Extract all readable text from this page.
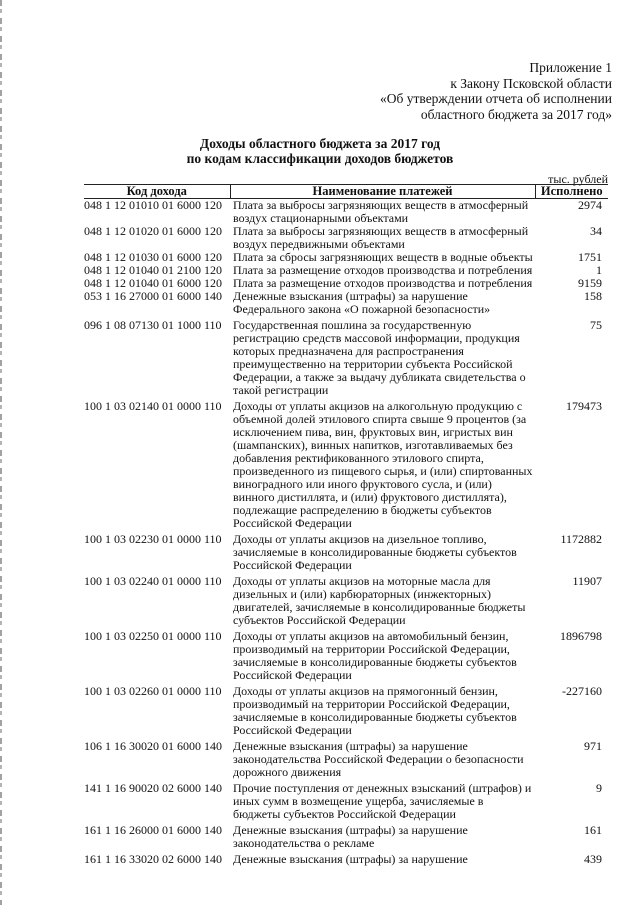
Приложение 1
к Закону Псковской области
«Об утверждении отчета об исполнении
областного бюджета за 2017 год»
Доходы областного бюджета за 2017 год
по кодам классификации доходов бюджетов
тыс. рублей
Код дохода	Наименование платежей	Исполнено
048 1 12 01010 01 6000 120	Плата за выбросы загрязняющих веществ в атмосферный воздух стационарными объектами	2974
048 1 12 01020 01 6000 120	Плата за выбросы загрязняющих веществ в атмосферный воздух передвижными объектами	34
048 1 12 01030 01 6000 120	Плата за сбросы загрязняющих веществ в водные объекты	1751
048 1 12 01040 01 2100 120	Плата за размещение отходов производства и потребления	1
048 1 12 01040 01 6000 120	Плата за размещение отходов производства и потребления	9159
053 1 16 27000 01 6000 140	Денежные взыскания (штрафы) за нарушение Федерального закона «О пожарной безопасности»	158
096 1 08 07130 01 1000 110	Государственная пошлина за государственную регистрацию средств массовой информации, продукция которых предназначена для распространения преимущественно на территории субъекта Российской Федерации, а также за выдачу дубликата свидетельства о такой регистрации	75
100 1 03 02140 01 0000 110	Доходы от уплаты акцизов на алкогольную продукцию с объемной долей этилового спирта свыше 9 процентов (за исключением пива, вин, фруктовых вин, игристых вин (шампанских), винных напитков, изготавливаемых без добавления ректификованного этилового спирта, произведенного из пищевого сырья, и (или) спиртованных виноградного или иного фруктового сусла, и (или) винного дистиллята, и (или) фруктового дистиллята), подлежащие распределению в бюджеты субъектов Российской Федерации	179473
100 1 03 02230 01 0000 110	Доходы от уплаты акцизов на дизельное топливо, зачисляемые в консолидированные бюджеты субъектов Российской Федерации	1172882
100 1 03 02240 01 0000 110	Доходы от уплаты акцизов на моторные масла для дизельных и (или) карбюраторных (инжекторных) двигателей, зачисляемые в консолидированные бюджеты субъектов Российской Федерации	11907
100 1 03 02250 01 0000 110	Доходы от уплаты акцизов на автомобильный бензин, производимый на территории Российской Федерации, зачисляемые в консолидированные бюджеты субъектов Российской Федерации	1896798
100 1 03 02260 01 0000 110	Доходы от уплаты акцизов на прямогонный бензин, производимый на территории Российской Федерации, зачисляемые в консолидированные бюджеты субъектов Российской Федерации	-227160
106 1 16 30020 01 6000 140	Денежные взыскания (штрафы) за нарушение законодательства Российской Федерации о безопасности дорожного движения	971
141 1 16 90020 02 6000 140	Прочие поступления от денежных взысканий (штрафов) и иных сумм в возмещение ущерба, зачисляемые в бюджеты субъектов Российской Федерации	9
161 1 16 26000 01 6000 140	Денежные взыскания (штрафы) за нарушение законодательства о рекламе	161
161 1 16 33020 02 6000 140	Денежные взыскания (штрафы) за нарушение	439
